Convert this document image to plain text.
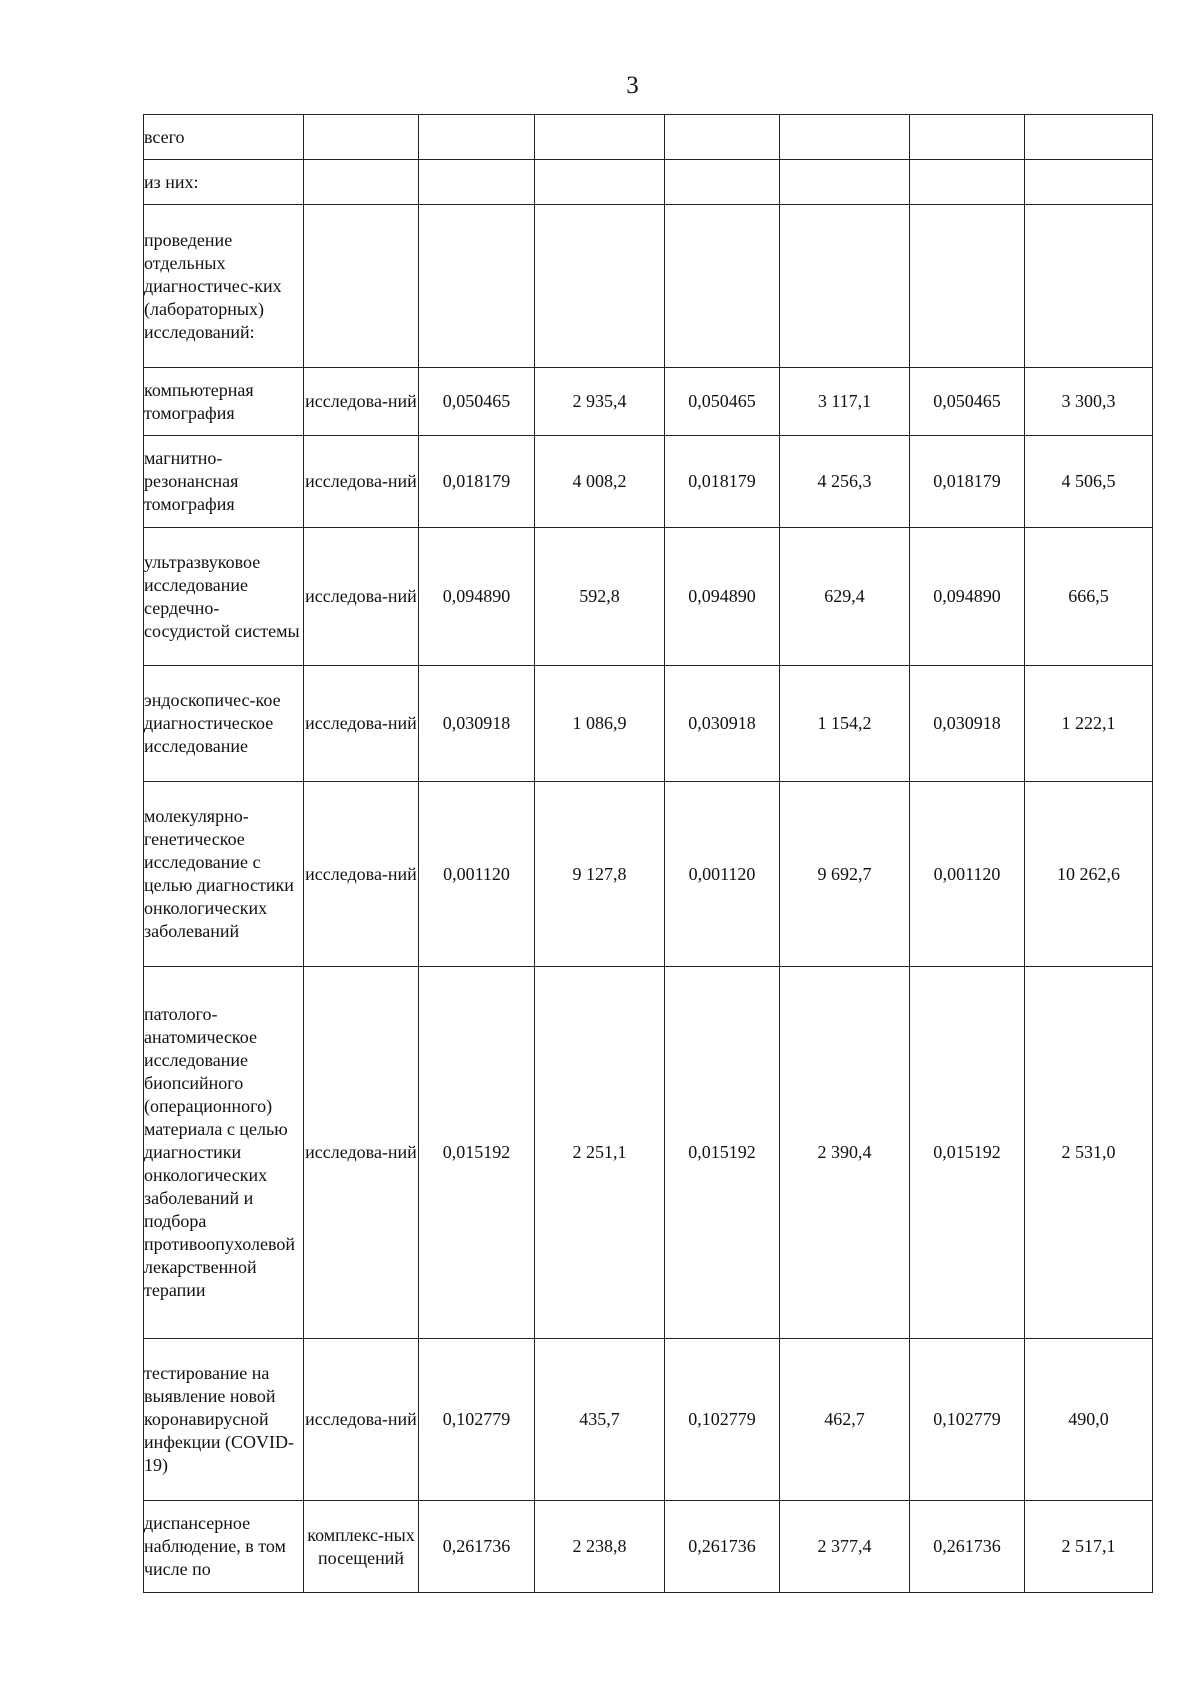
3
всего							
из них:							
проведение отдельных диагностичес-ких (лабораторных) исследований:							
компьютерная томография	исследова-ний	0,050465	2 935,4	0,050465	3 117,1	0,050465	3 300,3
магнитно-резонансная томография	исследова-ний	0,018179	4 008,2	0,018179	4 256,3	0,018179	4 506,5
ультразвуковое исследование сердечно-сосудистой системы	исследова-ний	0,094890	592,8	0,094890	629,4	0,094890	666,5
эндоскопичес-кое диагностическое исследование	исследова-ний	0,030918	1 086,9	0,030918	1 154,2	0,030918	1 222,1
молекулярно-генетическое исследование с целью диагностики онкологических заболеваний	исследова-ний	0,001120	9 127,8	0,001120	9 692,7	0,001120	10 262,6
патолого-анатомическое исследование биопсийного (операционного) материала с целью диагностики онкологических заболеваний и подбора противоопухолевой лекарственной терапии	исследова-ний	0,015192	2 251,1	0,015192	2 390,4	0,015192	2 531,0
тестирование на выявление новой коронавирусной инфекции (COVID-19)	исследова-ний	0,102779	435,7	0,102779	462,7	0,102779	490,0
диспансерное наблюдение, в том числе по	комплекс-ных посещений	0,261736	2 238,8	0,261736	2 377,4	0,261736	2 517,1
